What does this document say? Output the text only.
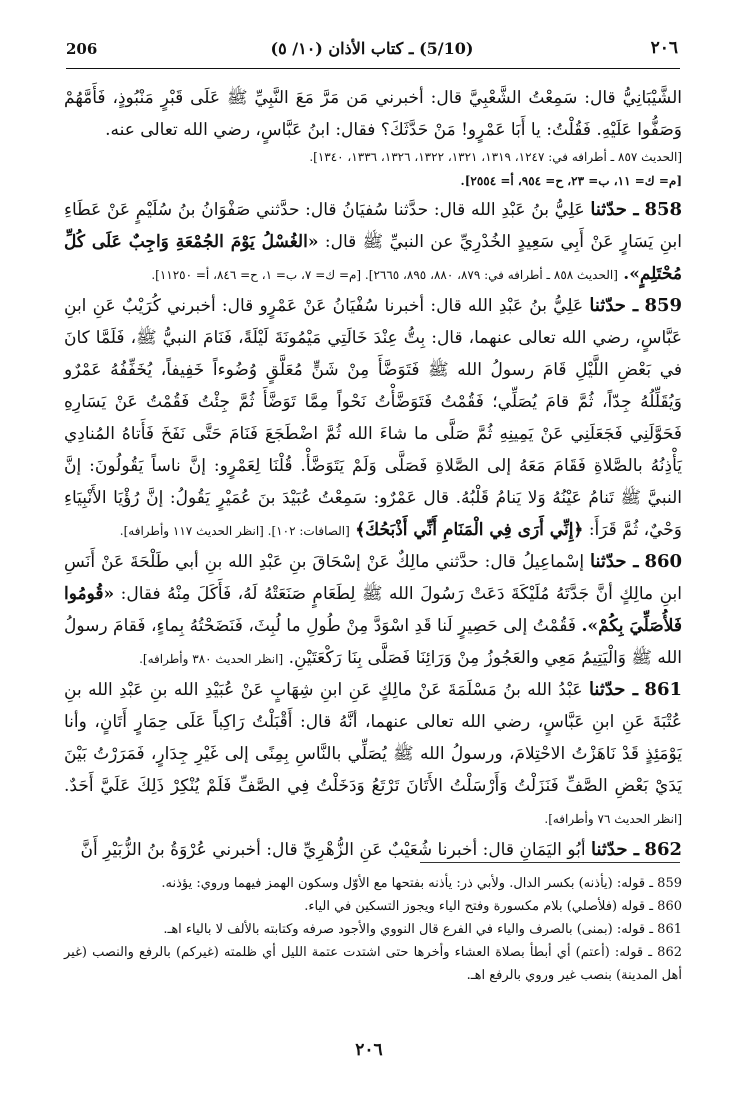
206	(5/10) ـ كتاب الأذان (١٠/ ٥)	٢٠٦

الشَّيْبَانِيُّ قال: سَمِعْتُ الشَّعْبِيَّ قال: أخبرني مَن مَرَّ مَعَ النَّبِيِّ ﷺ عَلَى قَبْرٍ مَنْبُوذٍ، فَأَمَّهُمْ وَصَفُّوا عَلَيْهِ. فَقُلْتُ: يا أَبَا عَمْرٍو! مَنْ حَدَّثَكَ؟ فقال: ابنُ عَبَّاسٍ، رضي الله تعالى عنه.

[الحديث ٨٥٧ ـ أطرافه في: ١٢٤٧، ١٣١٩، ١٣٢١، ١٣٢٢، ١٣٢٦، ١٣٣٦، ١٣٤٠].

[م= ك= ١١، ب= ٢٣، ح= ٩٥٤، أ= ٢٥٥٤].

858 ـ حدّثنا عَلِيُّ بنُ عَبْدِ الله قال: حدَّثنا سُفيَانُ قال: حدَّثني صَفْوَانُ بنُ سُلَيْمٍ عَنْ عَطَاءِ ابنِ يَسَارٍ عَنْ أَبِي سَعِيدٍ الخُدْرِيِّ عن النبيِّ ﷺ قال: «الغُسْلُ يَوْمَ الجُمْعَةِ وَاجِبٌ عَلَى كُلِّ مُحْتَلِمٍ». [الحديث ٨٥٨ ـ أطرافه في: ٨٧٩، ٨٨٠، ٨٩٥، ٢٦٦٥]. [م= ك= ٧، ب= ١، ح= ٨٤٦، أ= ١١٢٥٠].

859 ـ حدّثنا عَلِيُّ بنُ عَبْدِ الله قال: أخبرنا سُفْيَانُ عَنْ عَمْرٍو قال: أخبرني كُرَيْبٌ عَنِ ابنِ عَبَّاسٍ، رضي الله تعالى عنهما، قال: بِتُّ عِنْدَ خَالَتِي مَيْمُونَةَ لَيْلَةً، فَنَامَ النبيُّ ﷺ، فَلَمَّا كانَ في بَعْضِ اللَّيْلِ قَامَ رسولُ الله ﷺ فَتَوَضَّأَ مِنْ شَنٍّ مُعَلَّقٍ وُضُوءاً خَفِيفاً، يُخَفِّفُهُ عَمْرٌو وَيُقَلِّلُهُ جِدّاً، ثُمَّ قامَ يُصَلِّي؛ فَقُمْتُ فَتَوَضَّأْتُ نَحْواً مِمَّا تَوَضَّأَ ثُمَّ جِئْتُ فَقُمْتُ عَنْ يَسَارِهِ فَحَوَّلَنِي فَجَعَلَنِي عَنْ يَمِينِهِ ثُمَّ صَلَّى ما شاءَ الله ثُمَّ اضْطَجَعَ فَنَامَ حَتَّى نَفَخَ فَأَتاهُ المُنادِي يَأْذِنُهُ بالصَّلاةِ فَقَامَ مَعَهُ إلى الصَّلاةِ فَصَلَّى وَلَمْ يَتَوَضَّأْ. قُلْنَا لِعَمْرٍو: إنَّ ناساً يَقُولُونَ: إنَّ النبيَّ ﷺ تَنامُ عَيْنُهُ وَلا يَنامُ قَلْبُهُ. قال عَمْرٌو: سَمِعْتُ عُبَيْدَ بنَ عُمَيْرٍ يَقُولُ: إنَّ رُؤْيَا الأَنْبِيَاءِ وَحْيٌ، ثُمَّ قَرَأَ: ﴿إِنِّي أَرَى فِي الْمَنَامِ أَنِّي أَذْبَحُكَ﴾ [الصافات: ١٠٢]. [انظر الحديث ١١٧ وأطرافه].

860 ـ حدّثنا إسْماعِيلُ قال: حدَّثني مالِكٌ عَنْ إسْحَاقَ بنِ عَبْدِ الله بنِ أبي طَلْحَةَ عَنْ أَنَسِ ابنِ مالِكٍ أنَّ جَدَّتَهُ مُلَيْكَةَ دَعَتْ رَسُولَ الله ﷺ لِطَعَامٍ صَنَعَتْهُ لَهُ، فَأَكَلَ مِنْهُ فقال: «قُومُوا فَلأُصَلِّيَ بِكُمْ». فَقُمْتُ إلى حَصِيرٍ لَنا قَدِ اسْوَدَّ مِنْ طُولِ ما لُبِثَ، فَنَضَحْتُهُ بِماءٍ، فَقامَ رسولُ الله ﷺ وَالْيَتِيمُ مَعِي والعَجُوزُ مِنْ وَرَائِنَا فَصَلَّى بِنَا رَكْعَتَيْنِ. [انظر الحديث ٣٨٠ وأطرافه].

861 ـ حدّثنا عَبْدُ الله بنُ مَسْلَمَةَ عَنْ مالِكٍ عَنِ ابنِ شِهَابٍ عَنْ عُبَيْدِ الله بنِ عَبْدِ الله بنِ عُتْبَةَ عَنِ ابنِ عَبَّاسٍ، رضي الله تعالى عنهما، أنَّهُ قال: أَقْبَلْتُ رَاكِباً عَلَى حِمَارٍ أَتَانٍ، وأنا يَوْمَئِذٍ قَدْ نَاهَزْتُ الاحْتِلامَ، ورسولُ الله ﷺ يُصَلِّي بالنَّاسِ بِمِنًى إلى غَيْرِ جِدَارٍ، فَمَرَرْتُ بَيْنَ يَدَيْ بَعْضِ الصَّفِّ فَنَزَلْتُ وَأَرْسَلْتُ الأَتَانَ تَرْتَعُ وَدَخَلْتُ فِي الصَّفِّ فَلَمْ يُنْكِرْ ذَلِكَ عَلَيَّ أَحَدٌ. [انظر الحديث ٧٦ وأطرافه].

862 ـ حدّثنا أبُو اليَمَانِ قال: أخبرنا شُعَيْبٌ عَنِ الزُّهْرِيِّ قال: أخبرني عُرْوَةُ بنُ الزُّبَيْرِ أَنَّ

859 ـ قوله: (يأذنه) بكسر الدال. ولأبي ذر: يأذنه بفتحها مع الأوّل وسكون الهمز فيهما وروي: يؤذنه.

860 ـ قوله (فلأصلي) بلام مكسورة وفتح الياء ويجوز التسكين في الياء.

861 ـ قوله: (بمنى) بالصرف والياء في الفرع قال النووي والأجود صرفه وكتابته بالألف لا بالياء اهـ.

862 ـ قوله: (أعتم) أي أبطأ بصلاة العشاء وأخرها حتى اشتدت عتمة الليل أي ظلمته (غيركم) بالرفع والنصب (غير أهل المدينة) بنصب غير وروي بالرفع اهـ.

٢٠٦
